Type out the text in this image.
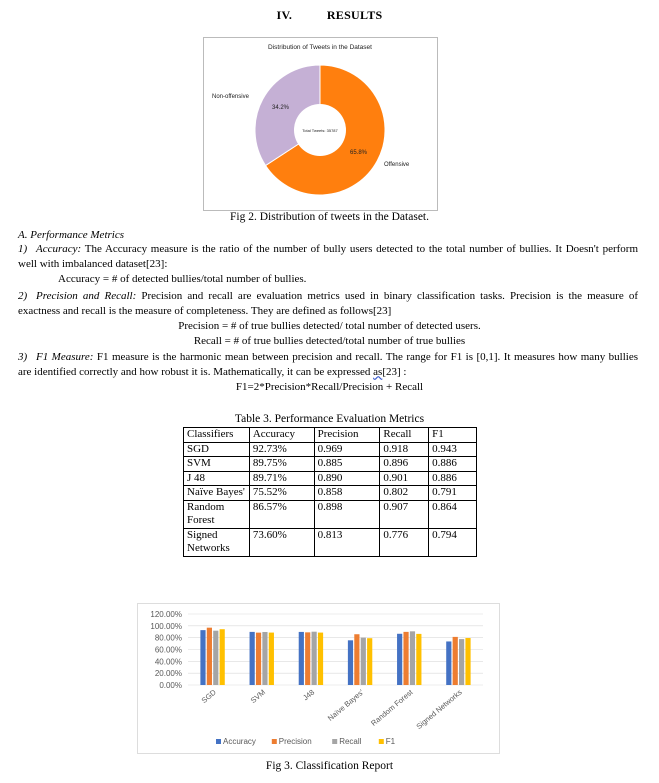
IV.	RESULTS
Distribution of Tweets in the Dataset
Total Tweets: 35787
Non-offensive
34.2%
65.8%
Offensive
Fig 2. Distribution of tweets in the Dataset.
A. Performance Metrics
1) Accuracy: The Accuracy measure is the ratio of the number of bully users detected to the total number of bullies. It Doesn't perform well with imbalanced dataset[23]:
Accuracy = # of detected bullies/total number of bullies.
2) Precision and Recall: Precision and recall are evaluation metrics used in binary classification tasks. Precision is the measure of exactness and recall is the measure of completeness. They are defined as follows[23]
Precision = # of true bullies detected/ total number of detected users.
Recall = # of true bullies detected/total number of true bullies
3) F1 Measure: F1 measure is the harmonic mean between precision and recall. The range for F1 is [0,1]. It measures how many bullies are identified correctly and how robust it is. Mathematically, it can be expressed as[23] :
F1=2*Precision*Recall/Precision + Recall
Table 3. Performance Evaluation Metrics
Classifiers	Accuracy	Precision	Recall	F1
SGD	92.73%	0.969	0.918	0.943
SVM	89.75%	0.885	0.896	0.886
J 48	89.71%	0.890	0.901	0.886
Naïve Bayes'	75.52%	0.858	0.802	0.791
Random Forest	86.57%	0.898	0.907	0.864
Signed Networks	73.60%	0.813	0.776	0.794
0.00%
20.00%
40.00%
60.00%
80.00%
100.00%
120.00%
SGD	SVM	J48 Naïve Bayes' Random Forest Signed Networks
Accuracy	Precision	Recall	F1
Fig 3. Classification Report
